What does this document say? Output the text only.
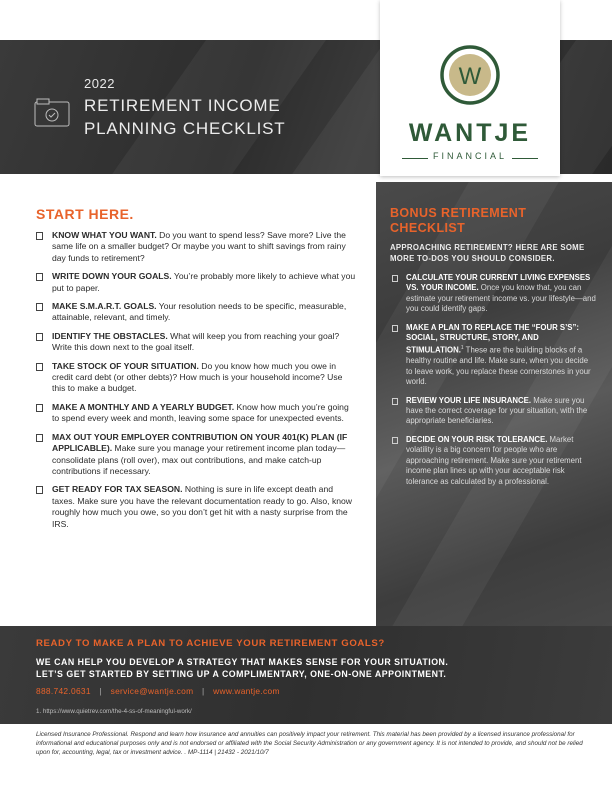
2022
RETIREMENT INCOME
PLANNING CHECKLIST
W
WANTJE
FINANCIAL
START HERE.
KNOW WHAT YOU WANT. Do you want to spend less? Save more? Live the same life on a smaller budget? Or maybe you want to shift savings from rainy day funds to retirement?
WRITE DOWN YOUR GOALS. You’re probably more likely to achieve what you put to paper.
MAKE S.M.A.R.T. GOALS. Your resolution needs to be specific, measurable, attainable, relevant, and timely.
IDENTIFY THE OBSTACLES. What will keep you from reaching your goal? Write this down next to the goal itself.
TAKE STOCK OF YOUR SITUATION. Do you know how much you owe in credit card debt (or other debts)? How much is your household income? Use this to make a budget.
MAKE A MONTHLY AND A YEARLY BUDGET. Know how much you’re going to spend every week and month, leaving some space for unexpected events.
MAX OUT YOUR EMPLOYER CONTRIBUTION ON YOUR 401(K) PLAN (IF APPLICABLE). Make sure you manage your retirement income plan today—consolidate plans (roll over), max out contributions, and make catch-up contributions if necessary.
GET READY FOR TAX SEASON. Nothing is sure in life except death and taxes. Make sure you have the relevant documentation ready to go. Also, know roughly how much you owe, so you don’t get hit with a nasty surprise from the IRS.
BONUS RETIREMENT
CHECKLIST
APPROACHING RETIREMENT? HERE ARE SOME MORE TO-DOS YOU SHOULD CONSIDER.
CALCULATE YOUR CURRENT LIVING EXPENSES VS. YOUR INCOME. Once you know that, you can estimate your retirement income vs. your lifestyle—and you could identify gaps.
MAKE A PLAN TO REPLACE THE “FOUR S’S”: SOCIAL, STRUCTURE, STORY, AND STIMULATION.$^1$ These are the building blocks of a healthy routine and life. Make sure, when you decide to leave work, you replace these cornerstones in your world.
REVIEW YOUR LIFE INSURANCE. Make sure you have the correct coverage for your situation, with the appropriate beneficiaries.
DECIDE ON YOUR RISK TOLERANCE. Market volatility is a big concern for people who are approaching retirement. Make sure your retirement income plan lines up with your acceptable risk tolerance as calculated by a professional.
READY TO MAKE A PLAN TO ACHIEVE YOUR RETIREMENT GOALS?
WE CAN HELP YOU DEVELOP A STRATEGY THAT MAKES SENSE FOR YOUR SITUATION.
LET’S GET STARTED BY SETTING UP A COMPLIMENTARY, ONE-ON-ONE APPOINTMENT.
888.742.0631 | service@wantje.com | www.wantje.com
1. https://www.quietrev.com/the-4-ss-of-meaningful-work/
Licensed Insurance Professional. Respond and learn how insurance and annuities can positively impact your retirement. This material has been provided by a licensed insurance professional for informational and educational purposes only and is not endorsed or affiliated with the Social Security Administration or any government agency. It is not intended to provide, and should not be relied upon for, accounting, legal, tax or investment advice. . MP-1114 | 21432 - 2021/10/7
